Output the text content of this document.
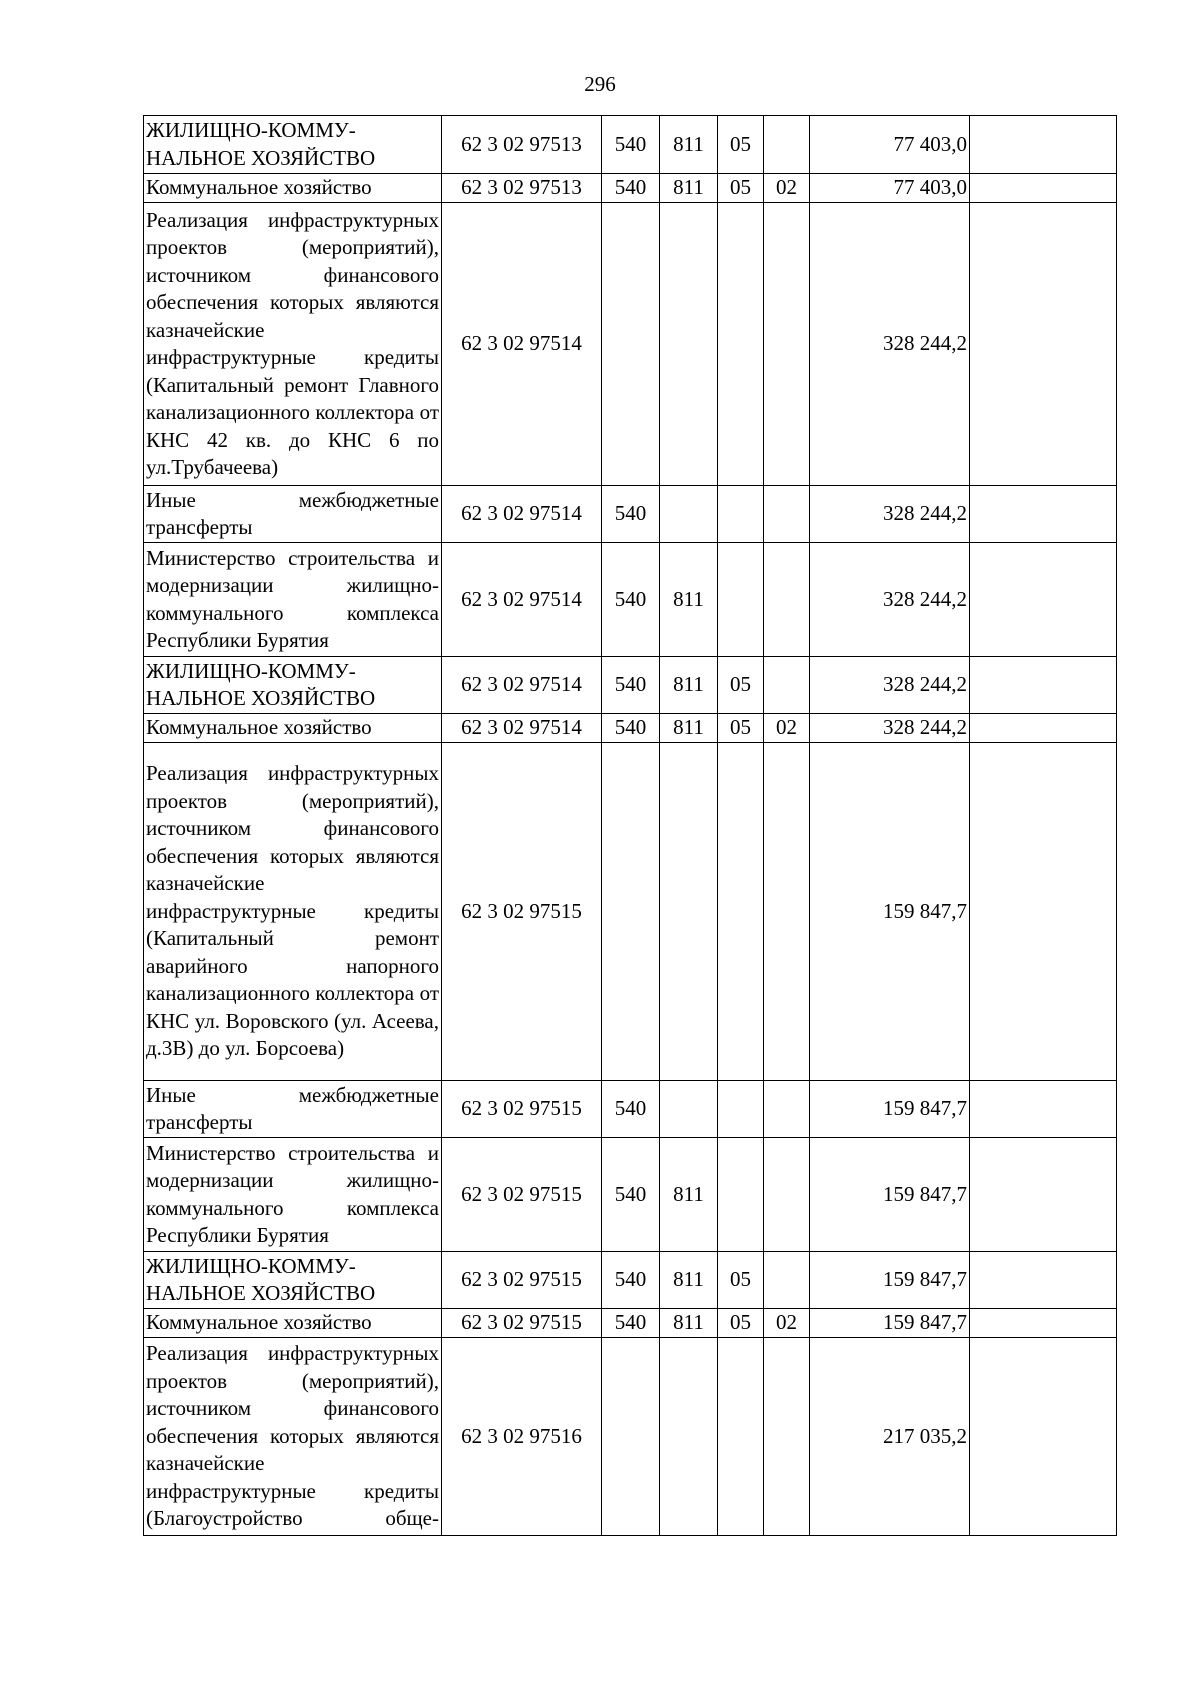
296
ЖИЛИЩНО-КОММУ-НАЛЬНОЕ ХОЗЯЙСТВО	62 3 02 97513	540	811	05		77 403,0	
Коммунальное хозяйство	62 3 02 97513	540	811	05	02	77 403,0	
Реализация инфраструктурных проектов (мероприятий), источником финансового обеспечения которых являются казначейские инфраструктурные кредиты (Капитальный ремонт Главного канализационного коллектора от КНС 42 кв. до КНС 6 по ул.Трубачеева)	62 3 02 97514					328 244,2	
Иные межбюджетные трансферты	62 3 02 97514	540				328 244,2	
Министерство строительства и модернизации жилищно-коммунального комплекса Республики Бурятия	62 3 02 97514	540	811			328 244,2	
ЖИЛИЩНО-КОММУ-НАЛЬНОЕ ХОЗЯЙСТВО	62 3 02 97514	540	811	05		328 244,2	
Коммунальное хозяйство	62 3 02 97514	540	811	05	02	328 244,2	
Реализация инфраструктурных проектов (мероприятий), источником финансового обеспечения которых являются казначейские инфраструктурные кредиты (Капитальный ремонт аварийного напорного канализационного коллектора от КНС ул. Воровского (ул. Асеева, д.3В) до ул. Борсоева)	62 3 02 97515					159 847,7	
Иные межбюджетные трансферты	62 3 02 97515	540				159 847,7	
Министерство строительства и модернизации жилищно-коммунального комплекса Республики Бурятия	62 3 02 97515	540	811			159 847,7	
ЖИЛИЩНО-КОММУ-НАЛЬНОЕ ХОЗЯЙСТВО	62 3 02 97515	540	811	05		159 847,7	
Коммунальное хозяйство	62 3 02 97515	540	811	05	02	159 847,7	
Реализация инфраструктурных проектов (мероприятий), источником финансового обеспечения которых являются казначейские инфраструктурные кредиты (Благоустройство обще-	62 3 02 97516					217 035,2	
